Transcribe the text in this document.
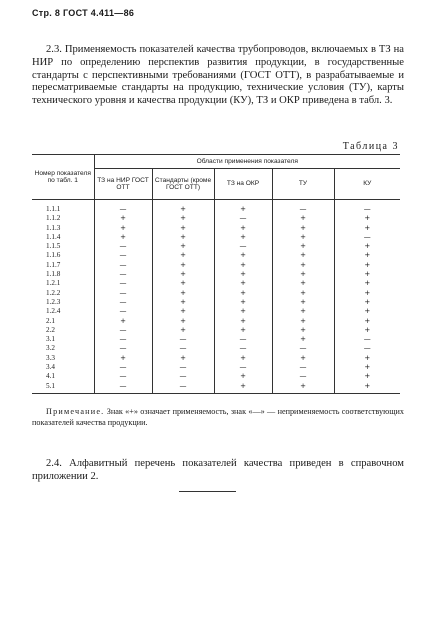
Стр. 8 ГОСТ 4.411—86
2.3. Применяемость показателей качества трубопроводов, включаемых в ТЗ на НИР по определению перспектив развития продукции, в государственные стандарты с перспективными требованиями (ГОСТ ОТТ), в разрабатываемые и пересматриваемые стандарты на продукцию, технические условия (ТУ), карты технического уровня и качества продукции (КУ), ТЗ и ОКР приведена в табл. 3.
Таблица 3
Номер показателя по табл. 1	Области применения показателя				
	ТЗ на НИР ГОСТ ОТТ	Стандарты (кроме ГОСТ ОТТ)	ТЗ на ОКР	ТУ	КУ
1.1.1	—	+	+	—	—
1.1.2	+	+	—	+	+
1.1.3	+	+	+	+	+
1.1.4	+	+	+	+	—
1.1.5	—	+	—	+	+
1.1.6	—	+	+	+	+
1.1.7	—	+	+	+	+
1.1.8	—	+	+	+	+
1.2.1	—	+	+	+	+
1.2.2	—	+	+	+	+
1.2.3	—	+	+	+	+
1.2.4	—	+	+	+	+
2.1	+	+	+	+	+
2.2	—	+	+	+	+
3.1	—	—	—	+	—
3.2	—	—	—	—	—
3.3	+	+	+	+	+
3.4	—	—	—	—	+
4.1	—	—	+	—	+
5.1	—	—	+	+	+
Примечание. Знак «+» означает применяемость, знак «—» — неприменяемость соответствующих показателей качества продукции.
2.4. Алфавитный перечень показателей качества приведен в справочном приложении 2.
